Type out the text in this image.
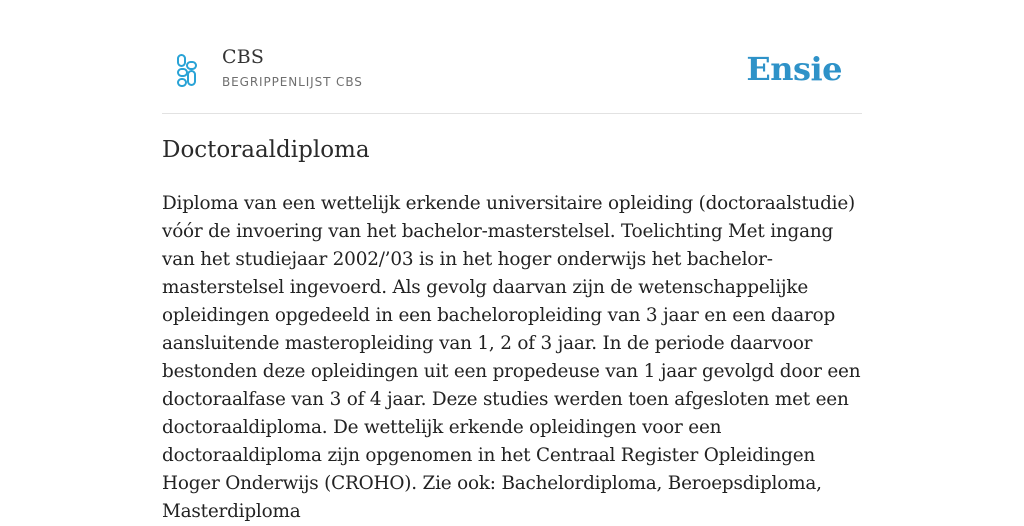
CBS
BEGRIPPENLIJST CBS	Ensie
Doctoraaldiploma

Diploma van een wettelijk erkende universitaire opleiding (doctoraalstudie) vóór de invoering van het bachelor-masterstelsel. Toelichting Met ingang van het studiejaar 2002/’03 is in het hoger onderwijs het bachelor-masterstelsel ingevoerd. Als gevolg daarvan zijn de wetenschappelijke opleidingen opgedeeld in een bacheloropleiding van 3 jaar en een daarop aansluitende masteropleiding van 1, 2 of 3 jaar. In de periode daarvoor bestonden deze opleidingen uit een propedeuse van 1 jaar gevolgd door een doctoraalfase van 3 of 4 jaar. Deze studies werden toen afgesloten met een doctoraaldiploma. De wettelijk erkende opleidingen voor een doctoraaldiploma zijn opgenomen in het Centraal Register Opleidingen Hoger Onderwijs (CROHO). Zie ook: Bachelordiploma, Beroepsdiploma, Masterdiploma
